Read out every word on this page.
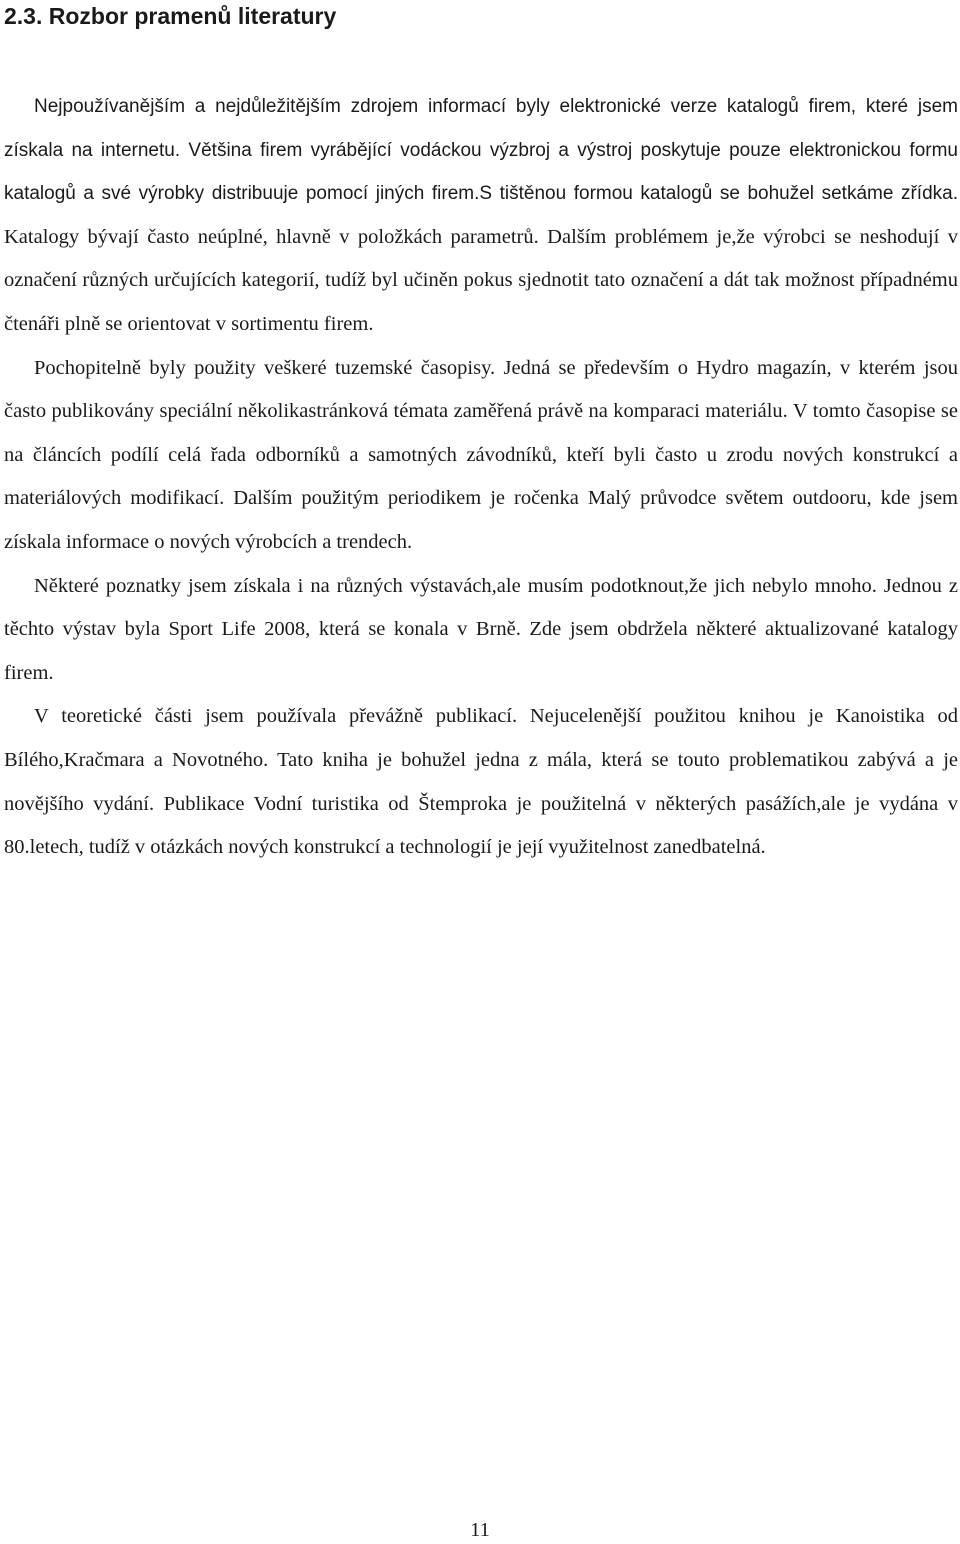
2.3. Rozbor pramenů literatury

Nejpoužívanějším a nejdůležitějším zdrojem informací byly elektronické verze katalogů firem, které jsem získala na internetu. Většina firem vyrábějící vodáckou výzbroj a výstroj poskytuje pouze elektronickou formu katalogů a své výrobky distribuuje pomocí jiných firem.S tištěnou formou katalogů se bohužel setkáme zřídka. Katalogy bývají často neúplné, hlavně v položkách parametrů. Dalším problémem je,že výrobci se neshodují v označení různých určujících kategorií, tudíž byl učiněn pokus sjednotit tato označení a dát tak možnost případnému čtenáři plně se orientovat v sortimentu firem.

Pochopitelně byly použity veškeré tuzemské časopisy. Jedná se především o Hydro magazín, v kterém jsou často publikovány speciální několikastránková témata zaměřená právě na komparaci materiálu. V tomto časopise se na článcích podílí celá řada odborníků a samotných závodníků, kteří byli často u zrodu nových konstrukcí a materiálových modifikací. Dalším použitým periodikem je ročenka Malý průvodce světem outdooru, kde jsem získala informace o nových výrobcích a trendech.

Některé poznatky jsem získala i na různých výstavách,ale musím podotknout,že jich nebylo mnoho. Jednou z těchto výstav byla Sport Life 2008, která se konala v Brně. Zde jsem obdržela některé aktualizované katalogy firem.

V teoretické části jsem používala převážně publikací. Nejucelenější použitou knihou je Kanoistika od Bílého,Kračmara a Novotného. Tato kniha je bohužel jedna z mála, která se touto problematikou zabývá a je novějšího vydání. Publikace Vodní turistika od Štemproka je použitelná v některých pasážích,ale je vydána v 80.letech, tudíž v otázkách nových konstrukcí a technologií je její využitelnost zanedbatelná.

11
